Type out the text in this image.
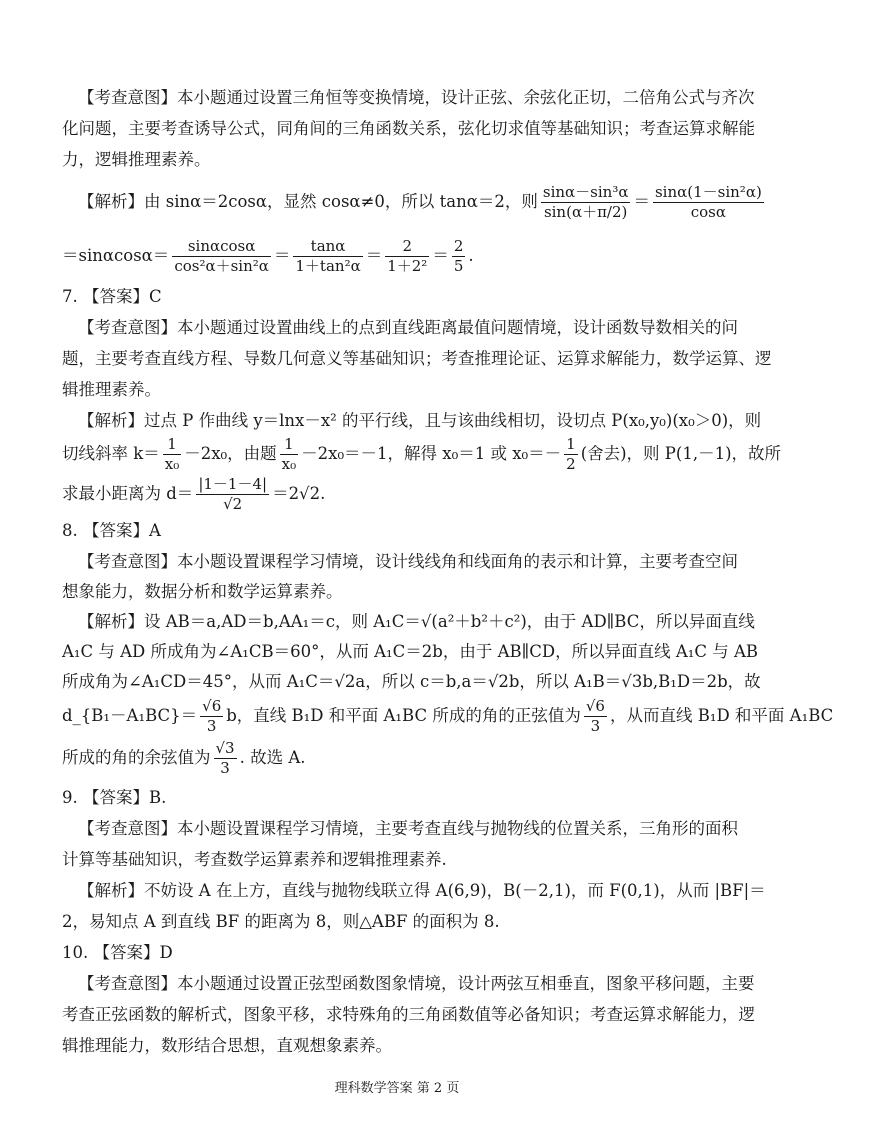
【考查意图】本小题通过设置三角恒等变换情境，设计正弦、余弦化正切，二倍角公式与齐次
化问题，主要考查诱导公式，同角间的三角函数关系，弦化切求值等基础知识；考查运算求解能
力，逻辑推理素养。
【解析】由 sinα＝2cosα，显然 cosα≠0，所以 tanα＝2，则 $\frac{\text{sinα－sin³α}}{\sin(\alpha+\pi/2)} = \frac{\text{sinα(1－sin²α)}}{\cos\alpha}$
$=\sin\alpha\cos\alpha= \frac{\sin\alpha\cos\alpha}{\text{cos²α＋sin²α}} = \frac{\tan\alpha}{\text{1＋tan²α}} = \frac{2}{\text{1＋2²}} = \frac{2}{5}$ .
7. 【答案】C
【考查意图】本小题通过设置曲线上的点到直线距离最值问题情境，设计函数导数相关的问
题，主要考查直线方程、导数几何意义等基础知识；考查推理论证、运算求解能力，数学运算、逻
辑推理素养。
【解析】过点 P 作曲线 y＝lnx－x² 的平行线，且与该曲线相切，设切点 P(x₀,y₀)(x₀＞0)，则
切线斜率 $k= \frac{1}{\text{x₀}} -2x_0$，由题 $\frac{1}{\text{x₀}} -2x_0=-1$，解得 x₀＝1 或 $x_0=- \frac{1}{2}$ (舍去)，则 P(1,－1)，故所
求最小距离为 $d= \frac{|1-1-4|}{√2} =2√2$.
8. 【答案】A
【考查意图】本小题设置课程学习情境，设计线线角和线面角的表示和计算，主要考查空间
想象能力，数据分析和数学运算素养。
【解析】设 AB＝a,AD＝b,AA₁＝c，则 A₁C＝√(a²＋b²＋c²)，由于 AD∥BC，所以异面直线
A₁C 与 AD 所成角为∠A₁CB＝60°，从而 A₁C＝2b，由于 AB∥CD，所以异面直线 A₁C 与 AB
所成角为∠A₁CD＝45°，从而 A₁C＝√2a，所以 c＝b,a＝√2b，所以 A₁B＝√3b,B₁D＝2b，故
d_{B₁－A₁BC}＝ $\frac{√6}{3}$ b，直线 B₁D 和平面 A₁BC 所成的角的正弦值为 $\frac{√6}{3}$ ，从而直线 B₁D 和平面 A₁BC
所成的角的余弦值为 $\frac{√3}{3}$ . 故选 A.
9. 【答案】B.
【考查意图】本小题设置课程学习情境，主要考查直线与抛物线的位置关系，三角形的面积
计算等基础知识，考查数学运算素养和逻辑推理素养.
【解析】不妨设 A 在上方，直线与抛物线联立得 A(6,9)，B(－2,1)，而 F(0,1)，从而 |BF|＝
2，易知点 A 到直线 BF 的距离为 8，则△ABF 的面积为 8.
10. 【答案】D
【考查意图】本小题通过设置正弦型函数图象情境，设计两弦互相垂直，图象平移问题，主要
考查正弦函数的解析式，图象平移，求特殊角的三角函数值等必备知识；考查运算求解能力，逻
辑推理能力，数形结合思想，直观想象素养。
理科数学答案 第 2 页
